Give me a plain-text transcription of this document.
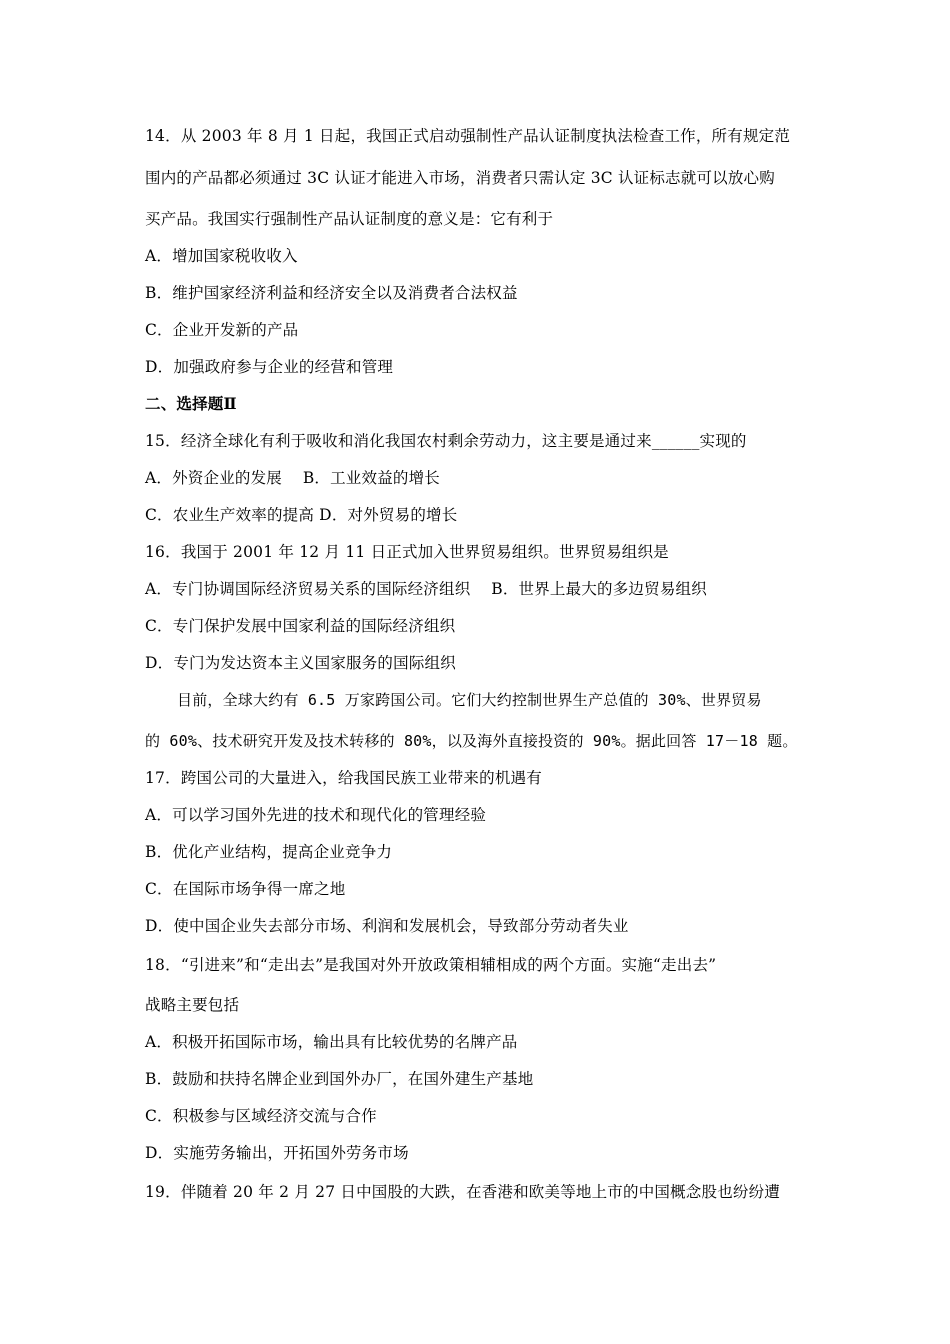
14．从 2003 年 8 月 1 日起，我国正式启动强制性产品认证制度执法检查工作，所有规定范
围内的产品都必须通过 3C 认证才能进入市场，消费者只需认定 3C 认证标志就可以放心购
买产品。我国实行强制性产品认证制度的意义是：它有利于
A．增加国家税收收入
B．维护国家经济利益和经济安全以及消费者合法权益
C．企业开发新的产品
D．加强政府参与企业的经营和管理
二、选择题Ⅱ
15．经济全球化有利于吸收和消化我国农村剩余劳动力，这主要是通过来______实现的
A．外资企业的发展　 B．工业效益的增长
C．农业生产效率的提高 D．对外贸易的增长
16．我国于 2001 年 12 月 11 日正式加入世界贸易组织。世界贸易组织是
A．专门协调国际经济贸易关系的国际经济组织　 B．世界上最大的多边贸易组织
C．专门保护发展中国家利益的国际经济组织
D．专门为发达资本主义国家服务的国际组织
目前，全球大约有 6.5 万家跨国公司。它们大约控制世界生产总值的 30%、世界贸易
的 60%、技术研究开发及技术转移的 80%，以及海外直接投资的 90%。据此回答 17－18 题。
17．跨国公司的大量进入，给我国民族工业带来的机遇有
A．可以学习国外先进的技术和现代化的管理经验
B．优化产业结构，提高企业竞争力
C．在国际市场争得一席之地
D．使中国企业失去部分市场、利润和发展机会，导致部分劳动者失业
18．“引进来”和“走出去”是我国对外开放政策相辅相成的两个方面。实施“走出去”
战略主要包括
A．积极开拓国际市场，输出具有比较优势的名牌产品
B．鼓励和扶持名牌企业到国外办厂，在国外建生产基地
C．积极参与区域经济交流与合作
D．实施劳务输出，开拓国外劳务市场
19．伴随着 20 年 2 月 27 日中国股的大跌，在香港和欧美等地上市的中国概念股也纷纷遭
